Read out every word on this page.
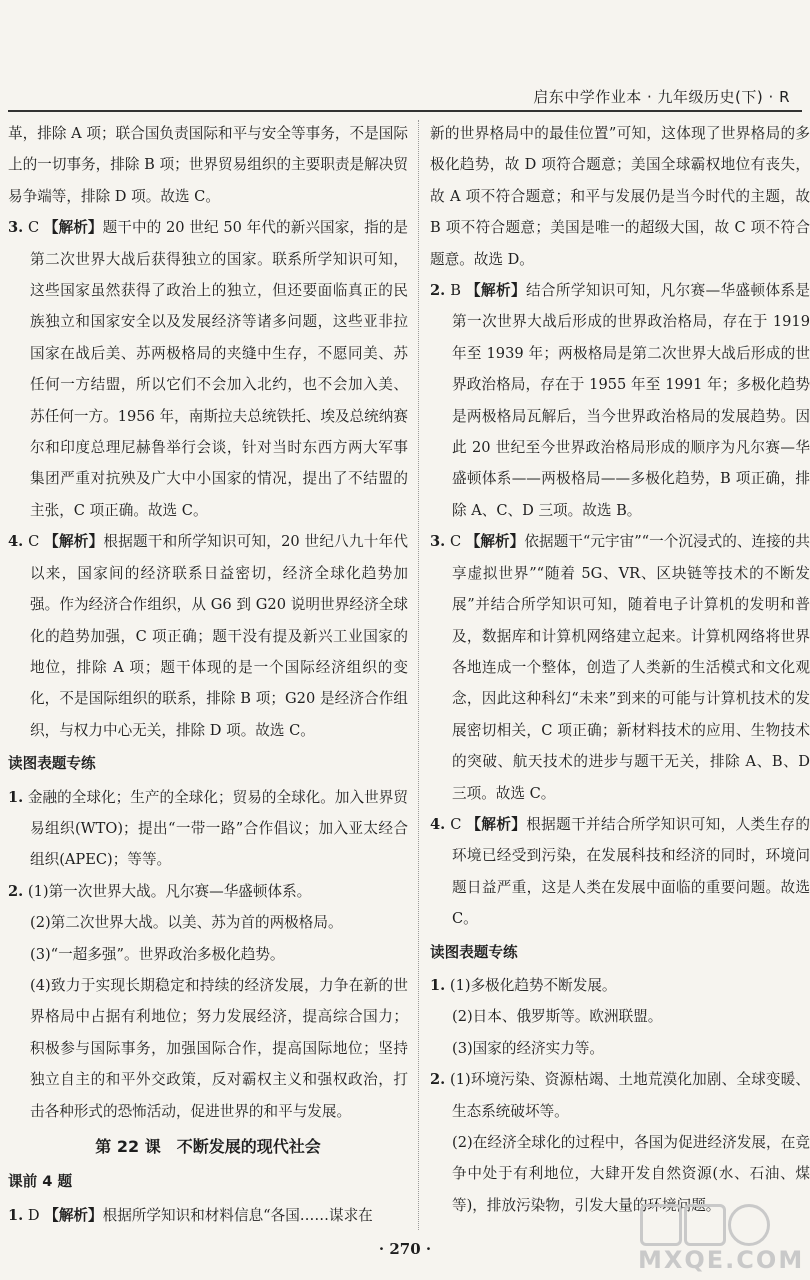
启东中学作业本 · 九年级历史(下) · R

革，排除 A 项；联合国负责国际和平与安全等事务，不是国际上的一切事务，排除 B 项；世界贸易组织的主要职责是解决贸易争端等，排除 D 项。故选 C。

3. C 【解析】题干中的 20 世纪 50 年代的新兴国家，指的是第二次世界大战后获得独立的国家。联系所学知识可知，这些国家虽然获得了政治上的独立，但还要面临真正的民族独立和国家安全以及发展经济等诸多问题，这些亚非拉国家在战后美、苏两极格局的夹缝中生存，不愿同美、苏任何一方结盟，所以它们不会加入北约，也不会加入美、苏任何一方。1956 年，南斯拉夫总统铁托、埃及总统纳赛尔和印度总理尼赫鲁举行会谈，针对当时东西方两大军事集团严重对抗殃及广大中小国家的情况，提出了不结盟的主张，C 项正确。故选 C。

4. C 【解析】根据题干和所学知识可知，20 世纪八九十年代以来，国家间的经济联系日益密切，经济全球化趋势加强。作为经济合作组织，从 G6 到 G20 说明世界经济全球化的趋势加强，C 项正确；题干没有提及新兴工业国家的地位，排除 A 项；题干体现的是一个国际经济组织的变化，不是国际组织的联系，排除 B 项；G20 是经济合作组织，与权力中心无关，排除 D 项。故选 C。

读图表题专练

1. 金融的全球化；生产的全球化；贸易的全球化。加入世界贸易组织(WTO)；提出“一带一路”合作倡议；加入亚太经合组织(APEC)；等等。

2. (1)第一次世界大战。凡尔赛—华盛顿体系。

(2)第二次世界大战。以美、苏为首的两极格局。

(3)“一超多强”。世界政治多极化趋势。

(4)致力于实现长期稳定和持续的经济发展，力争在新的世界格局中占据有利地位；努力发展经济，提高综合国力；积极参与国际事务，加强国际合作，提高国际地位；坚持独立自主的和平外交政策，反对霸权主义和强权政治，打击各种形式的恐怖活动，促进世界的和平与发展。

第 22 课　不断发展的现代社会

课前 4 题

1. D 【解析】根据所学知识和材料信息“各国……谋求在

新的世界格局中的最佳位置”可知，这体现了世界格局的多极化趋势，故 D 项符合题意；美国全球霸权地位有丧失，故 A 项不符合题意；和平与发展仍是当今时代的主题，故 B 项不符合题意；美国是唯一的超级大国，故 C 项不符合题意。故选 D。

2. B 【解析】结合所学知识可知，凡尔赛—华盛顿体系是第一次世界大战后形成的世界政治格局，存在于 1919 年至 1939 年；两极格局是第二次世界大战后形成的世界政治格局，存在于 1955 年至 1991 年；多极化趋势是两极格局瓦解后，当今世界政治格局的发展趋势。因此 20 世纪至今世界政治格局形成的顺序为凡尔赛—华盛顿体系——两极格局——多极化趋势，B 项正确，排除 A、C、D 三项。故选 B。

3. C 【解析】依据题干“元宇宙”“一个沉浸式的、连接的共享虚拟世界”“随着 5G、VR、区块链等技术的不断发展”并结合所学知识可知，随着电子计算机的发明和普及，数据库和计算机网络建立起来。计算机网络将世界各地连成一个整体，创造了人类新的生活模式和文化观念，因此这种科幻“未来”到来的可能与计算机技术的发展密切相关，C 项正确；新材料技术的应用、生物技术的突破、航天技术的进步与题干无关，排除 A、B、D 三项。故选 C。

4. C 【解析】根据题干并结合所学知识可知，人类生存的环境已经受到污染，在发展科技和经济的同时，环境问题日益严重，这是人类在发展中面临的重要问题。故选 C。

读图表题专练

1. (1)多极化趋势不断发展。

(2)日本、俄罗斯等。欧洲联盟。

(3)国家的经济实力等。

2. (1)环境污染、资源枯竭、土地荒漠化加剧、全球变暖、生态系统破坏等。

(2)在经济全球化的过程中，各国为促进经济发展，在竞争中处于有利地位，大肆开发自然资源(水、石油、煤等)，排放污染物，引发大量的环境问题。

· 270 ·	MXQE.COM
